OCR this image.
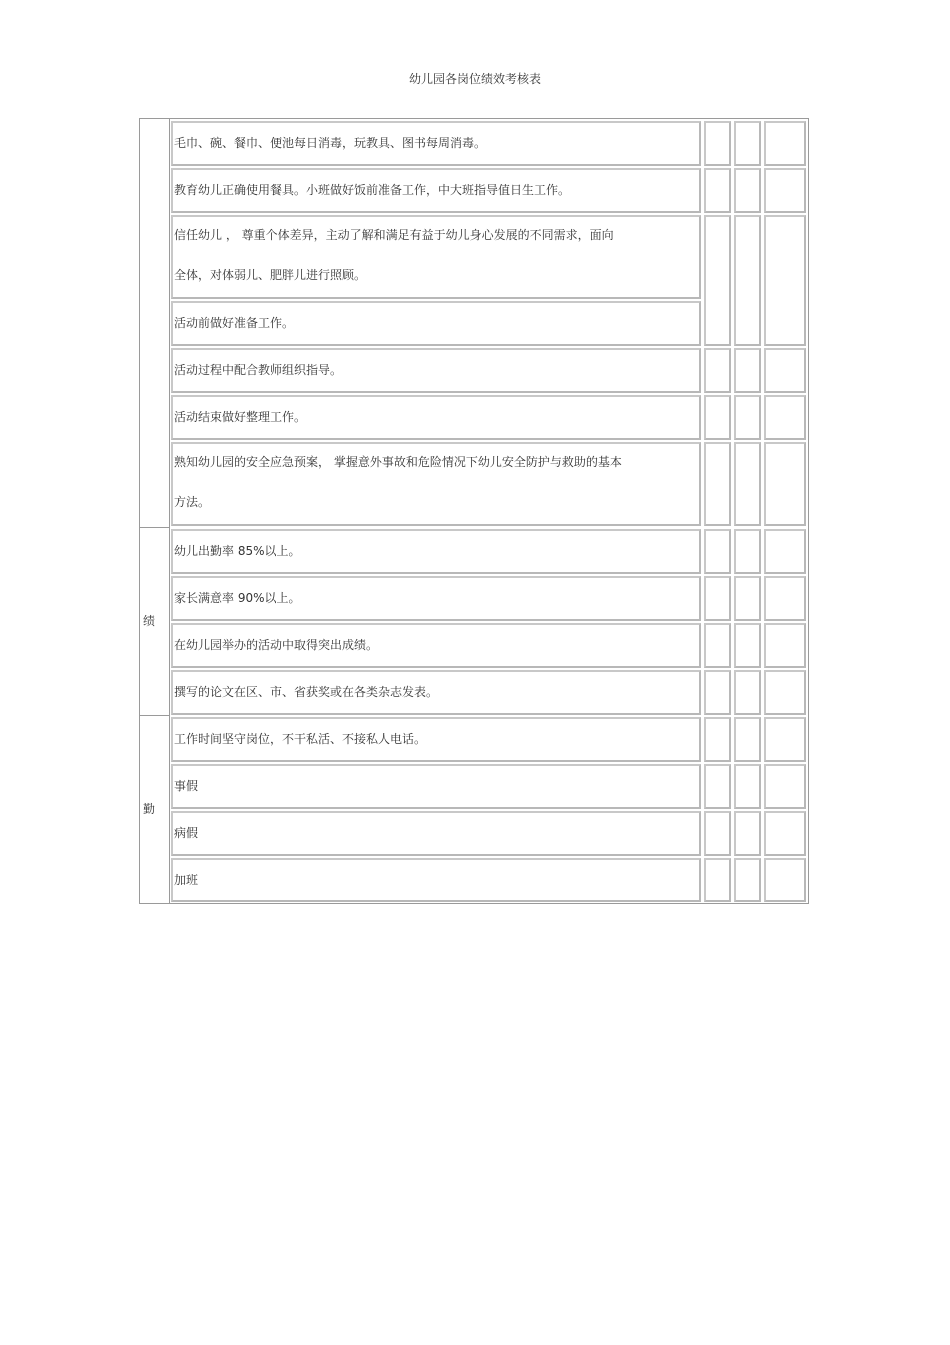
幼儿园各岗位绩效考核表
绩
勤
毛巾、碗、餐巾、便池每日消毒，玩教具、图书每周消毒。
教育幼儿正确使用餐具。小班做好饭前准备工作，中大班指导值日生工作。
信任幼儿 ， 尊重个体差异，主动了解和满足有益于幼儿身心发展的不同需求，面向
全体，对体弱儿、肥胖儿进行照顾。
活动前做好准备工作。
活动过程中配合教师组织指导。
活动结束做好整理工作。
熟知幼儿园的安全应急预案， 掌握意外事故和危险情况下幼儿安全防护与救助的基本
方法。
幼儿出勤率 85%以上。
家长满意率 90%以上。
在幼儿园举办的活动中取得突出成绩。
撰写的论文在区、市、省获奖或在各类杂志发表。
工作时间坚守岗位，不干私活、不接私人电话。
事假
病假
加班
